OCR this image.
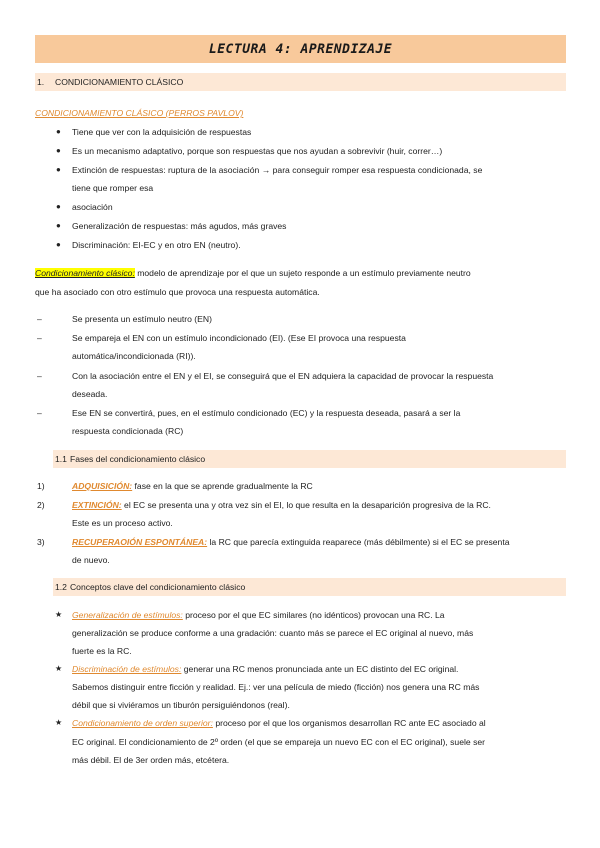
LECTURA 4: APRENDIZAJE
1.	CONDICIONAMIENTO CLÁSICO
CONDICIONAMIENTO CLÁSICO (PERROS PAVLOV)
● Tiene que ver con la adquisición de respuestas
● Es un mecanismo adaptativo, porque son respuestas que nos ayudan a sobrevivir (huir, correr…)
● Extinción de respuestas: ruptura de la asociación → para conseguir romper esa respuesta condicionada, se
tiene que romper esa
● asociación
● Generalización de respuestas: más agudos, más graves
● Discriminación: EI-EC y en otro EN (neutro).
Condicionamiento clásico: modelo de aprendizaje por el que un sujeto responde a un estímulo previamente neutro
que ha asociado con otro estímulo que provoca una respuesta automática.
–	Se presenta un estímulo neutro (EN)
–	Se empareja el EN con un estímulo incondicionado (EI). (Ese EI provoca una respuesta
automática/incondicionada (RI)).
–	Con la asociación entre el EN y el EI, se conseguirá que el EN adquiera la capacidad de provocar la respuesta
deseada.
–	Ese EN se convertirá, pues, en el estímulo condicionado (EC) y la respuesta deseada, pasará a ser la
respuesta condicionada (RC)
1.1 Fases del condicionamiento clásico
1)	ADQUISICIÓN: fase en la que se aprende gradualmente la RC
2)	EXTINCIÓN: el EC se presenta una y otra vez sin el EI, lo que resulta en la desaparición progresiva de la RC.
Este es un proceso activo.
3)	RECUPERAOIÓN ESPONTÁNEA: la RC que parecía extinguida reaparece (más débilmente) si el EC se presenta
de nuevo.
1.2 Conceptos clave del condicionamiento clásico
★ Generalización de estímulos: proceso por el que EC similares (no idénticos) provocan una RC. La
generalización se produce conforme a una gradación: cuanto más se parece el EC original al nuevo, más
fuerte es la RC.
★ Discriminación de estímulos: generar una RC menos pronunciada ante un EC distinto del EC original.
Sabemos distinguir entre ficción y realidad. Ej.: ver una película de miedo (ficción) nos genera una RC más
débil que si viviéramos un tiburón persiguiéndonos (real).
★ Condicionamiento de orden superior: proceso por el que los organismos desarrollan RC ante EC asociado al
EC original. El condicionamiento de 2º orden (el que se empareja un nuevo EC con el EC original), suele ser
más débil. El de 3er orden más, etcétera.
